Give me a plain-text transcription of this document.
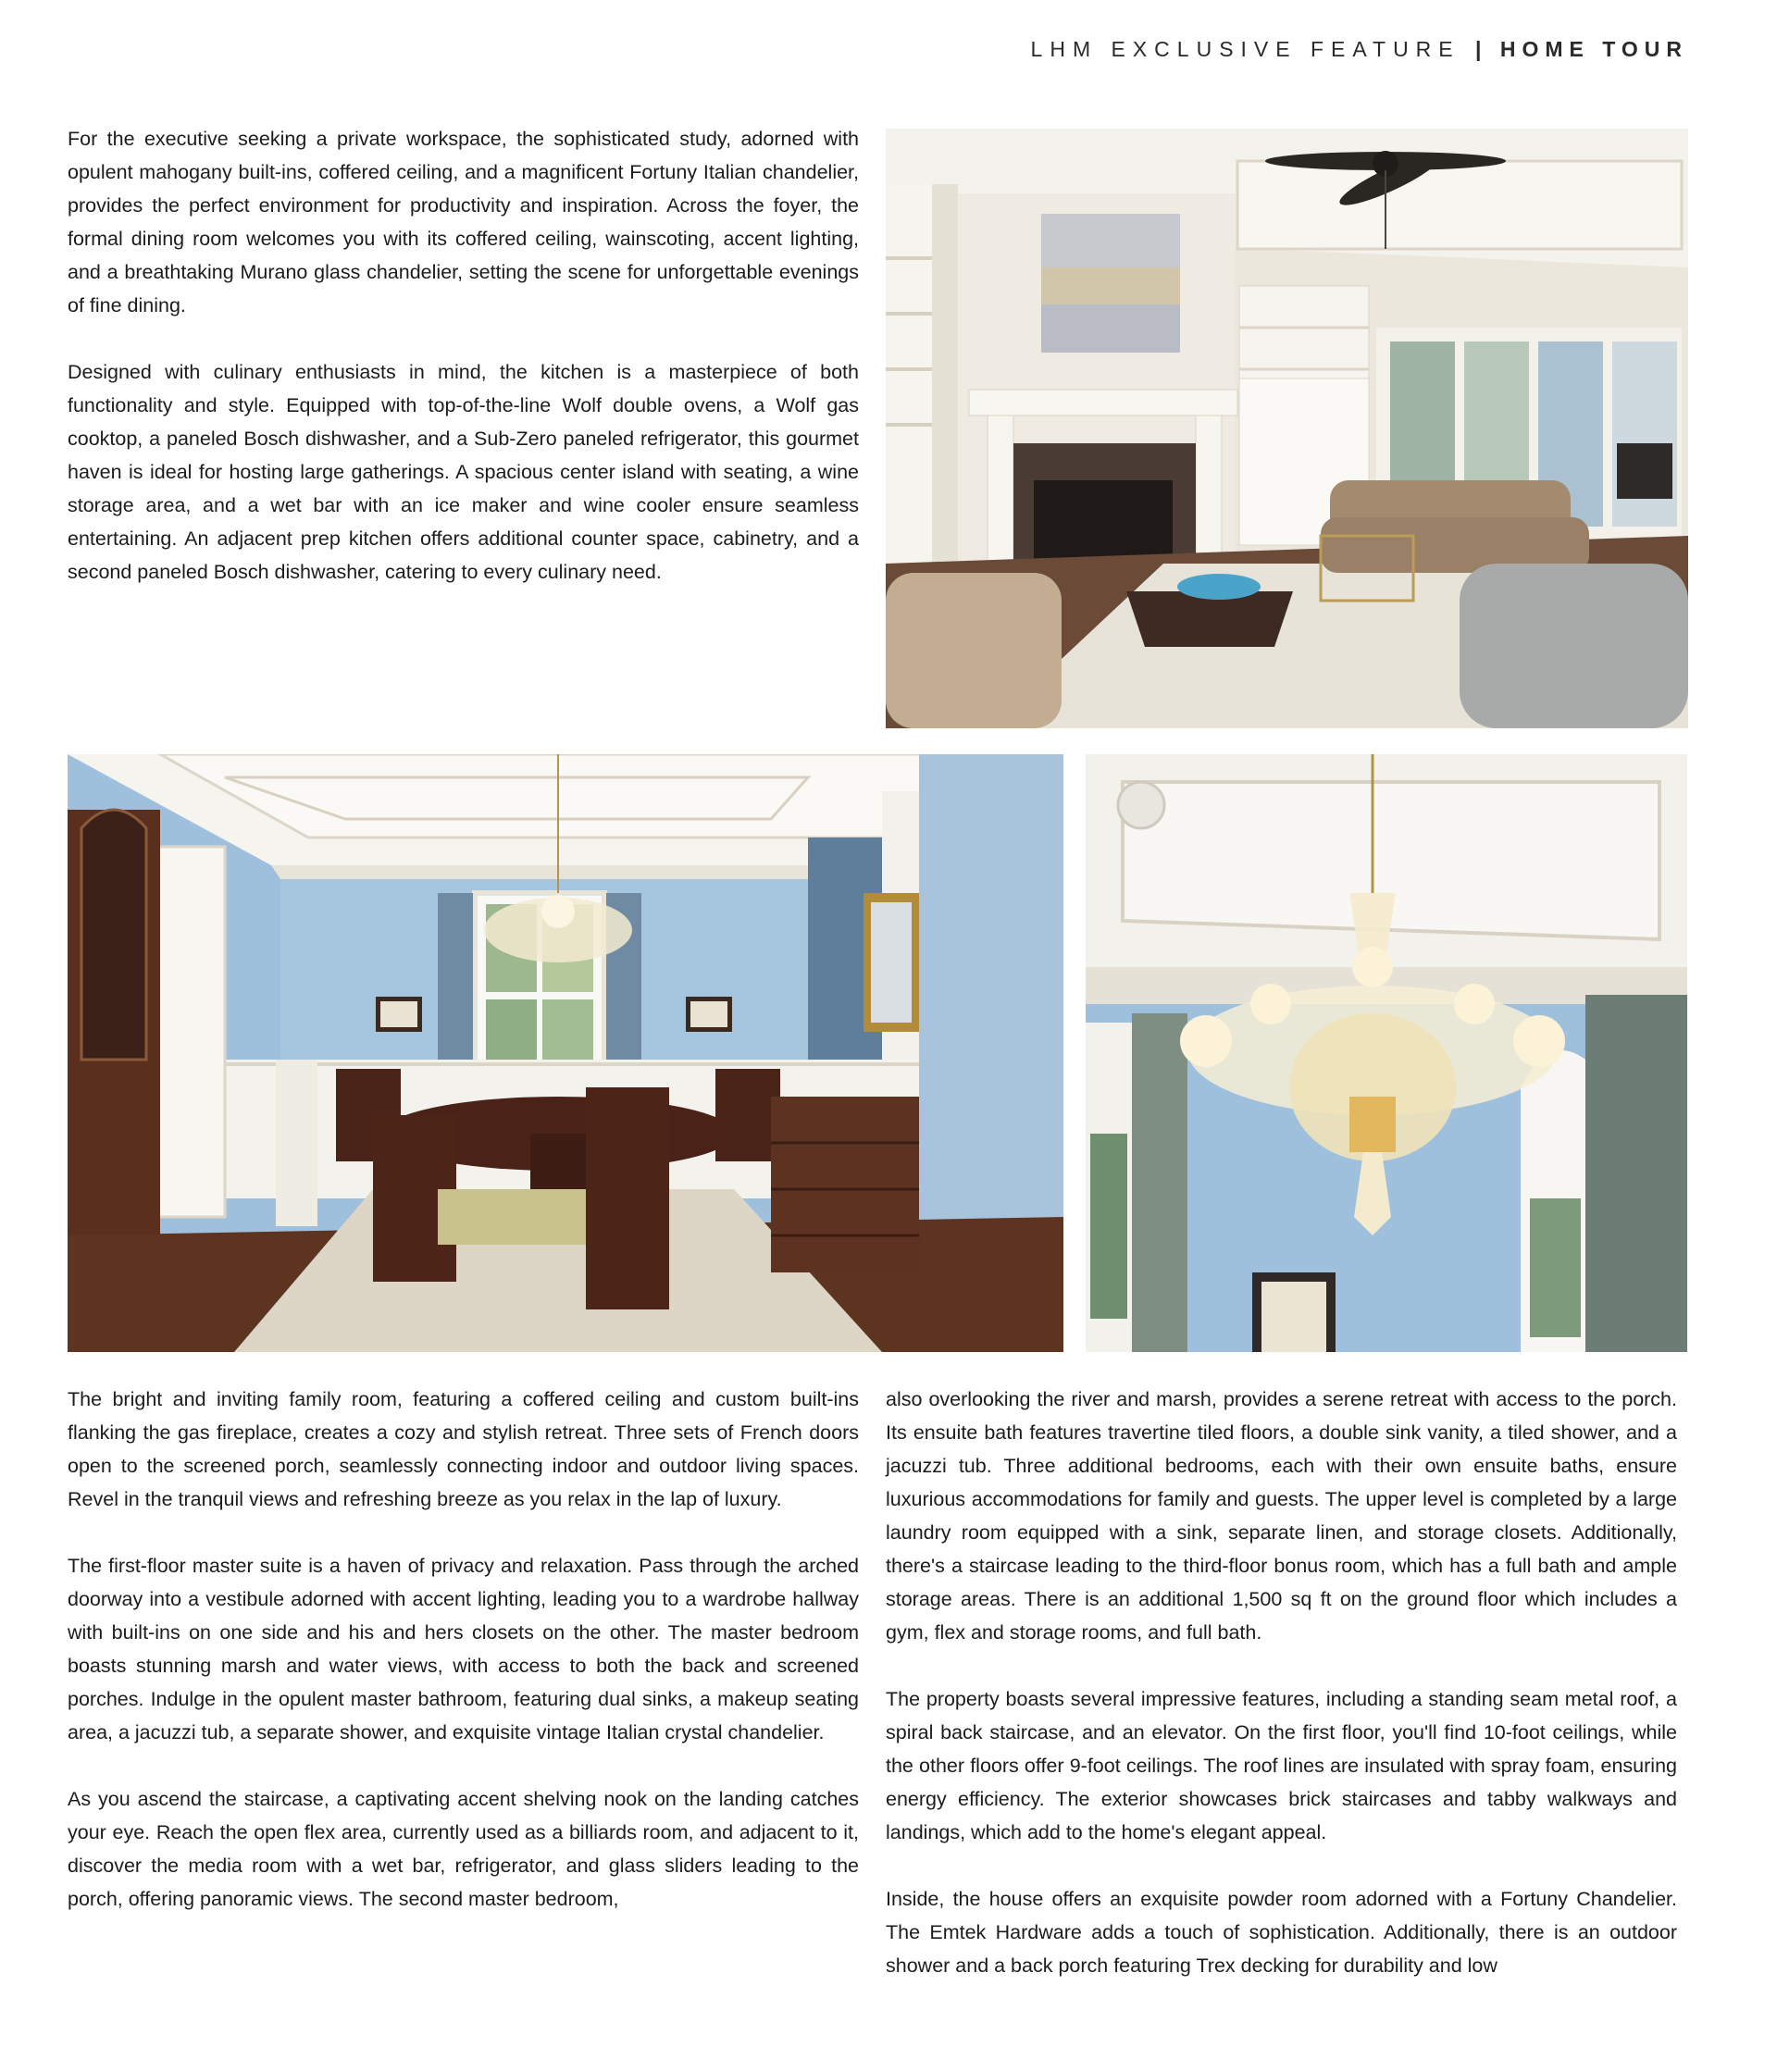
LHM EXCLUSIVE FEATURE | HOME TOUR

For the executive seeking a private workspace, the sophisticated study, adorned with opulent mahogany built-ins, coffered ceiling, and a magnificent Fortuny Italian chandelier, provides the perfect environment for productivity and inspiration. Across the foyer, the formal dining room welcomes you with its coffered ceiling, wainscoting, accent lighting, and a breathtaking Murano glass chandelier, setting the scene for unforgettable evenings of fine dining.

Designed with culinary enthusiasts in mind, the kitchen is a masterpiece of both functionality and style. Equipped with top-of-the-line Wolf double ovens, a Wolf gas cooktop, a paneled Bosch dishwasher, and a Sub-Zero paneled refrigerator, this gourmet haven is ideal for hosting large gatherings. A spacious center island with seating, a wine storage area, and a wet bar with an ice maker and wine cooler ensure seamless entertaining. An adjacent prep kitchen offers additional counter space, cabinetry, and a second paneled Bosch dishwasher, catering to every culinary need.

The bright and inviting family room, featuring a coffered ceiling and custom built-ins flanking the gas fireplace, creates a cozy and stylish retreat. Three sets of French doors open to the screened porch, seamlessly connecting indoor and outdoor living spaces. Revel in the tranquil views and refreshing breeze as you relax in the lap of luxury.

The first-floor master suite is a haven of privacy and relaxation. Pass through the arched doorway into a vestibule adorned with accent lighting, leading you to a wardrobe hallway with built-ins on one side and his and hers closets on the other. The master bedroom boasts stunning marsh and water views, with access to both the back and screened porches. Indulge in the opulent master bathroom, featuring dual sinks, a makeup seating area, a jacuzzi tub, a separate shower, and exquisite vintage Italian crystal chandelier.

As you ascend the staircase, a captivating accent shelving nook on the landing catches your eye. Reach the open flex area, currently used as a billiards room, and adjacent to it, discover the media room with a wet bar, refrigerator, and glass sliders leading to the porch, offering panoramic views. The second master bedroom,

also overlooking the river and marsh, provides a serene retreat with access to the porch. Its ensuite bath features travertine tiled floors, a double sink vanity, a tiled shower, and a jacuzzi tub. Three additional bedrooms, each with their own ensuite baths, ensure luxurious accommodations for family and guests. The upper level is completed by a large laundry room equipped with a sink, separate linen, and storage closets. Additionally, there's a staircase leading to the third-floor bonus room, which has a full bath and ample storage areas. There is an additional 1,500 sq ft on the ground floor which includes a gym, flex and storage rooms, and full bath.

The property boasts several impressive features, including a standing seam metal roof, a spiral back staircase, and an elevator. On the first floor, you'll find 10-foot ceilings, while the other floors offer 9-foot ceilings. The roof lines are insulated with spray foam, ensuring energy efficiency. The exterior showcases brick staircases and tabby walkways and landings, which add to the home's elegant appeal.

Inside, the house offers an exquisite powder room adorned with a Fortuny Chandelier. The Emtek Hardware adds a touch of sophistication. Additionally, there is an outdoor shower and a back porch featuring Trex decking for durability and low
